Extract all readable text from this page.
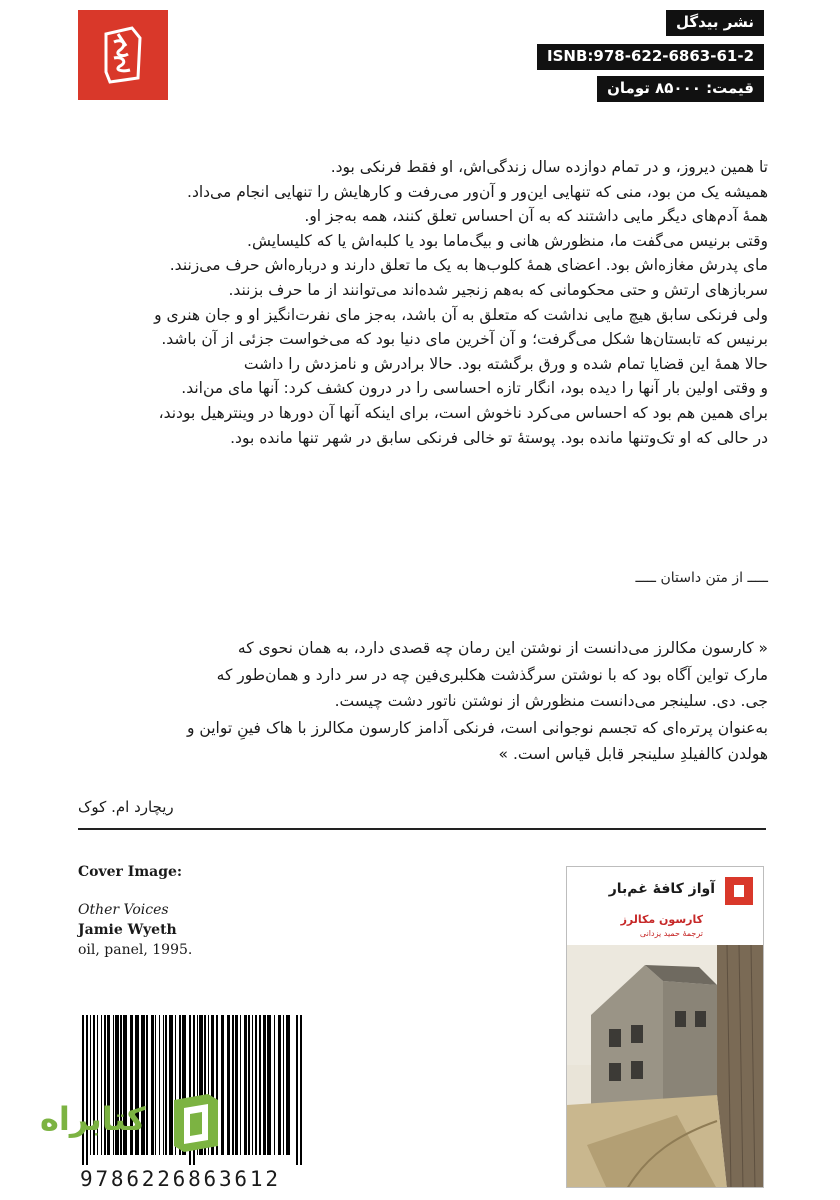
نشر بیدگل
ISNB:978-622-6863-61-2
قیمت: ۸۵۰۰۰ تومان

تا همین دیروز، و در تمام دوازده سال زندگی‌اش، او فقط فرنکی بود.

همیشه یک من بود، منی که تنهایی این‌ور و آن‌ور می‌رفت و کارهایش را تنهایی انجام می‌داد.

همهٔ آدم‌های دیگر مایی داشتند که به آن احساس تعلق کنند، همه به‌جز او.

وقتی برنیس می‌گفت ما، منظورش هانی و بیگ‌ماما بود یا کلبه‌اش یا که کلیسایش.

مای پدرش مغازه‌اش بود. اعضای همهٔ کلوب‌ها به یک ما تعلق دارند و درباره‌اش حرف می‌زنند.

سربازهای ارتش و حتی محکومانی که به‌هم زنجیر شده‌اند می‌توانند از ما حرف بزنند.

ولی فرنکی سابق هیچ مایی نداشت که متعلق به آن باشد، به‌جز مای نفرت‌انگیز او و جان هنری و

برنیس که تابستان‌ها شکل می‌گرفت؛ و آن آخرین مای دنیا بود که می‌خواست جزئی از آن باشد.

حالا همهٔ این قضایا تمام شده و ورق برگشته بود. حالا برادرش و نامزدش را داشت

و وقتی اولین بار آنها را دیده بود، انگار تازه احساسی را در درون کشف کرد: آنها مای من‌اند.

برای همین هم بود که احساس می‌کرد ناخوش است، برای اینکه آنها آن دورها در وینترهیل بودند،

در حالی که او تک‌وتنها مانده بود. پوستهٔ تو خالی فرنکی سابق در شهر تنها مانده بود.

ـــــ از متن داستان ـــــ

« کارسون مکالرز می‌دانست از نوشتن این رمان چه قصدی دارد، به همان نحوی که

مارک تواین آگاه بود که با نوشتن سرگذشت هکلبری‌فین چه در سر دارد و همان‌طور که

جی. دی. سلینجر می‌دانست منظورش از نوشتن ناتور دشت چیست.

به‌عنوان پرتره‌ای که تجسم نوجوانی است، فرنکی آدامز کارسون مکالرز با هاک فینِ تواین و

هولدن کالفیلدِ سلینجر قابل قیاس است. »

ریچارد ام. کوک
Cover Image:
Other Voices
Jamie Wyeth
oil, panel, 1995.
9786226863612
کتابراه
آواز کافهٔ غم‌بار
کارسون مکالرز
ترجمهٔ حمید یزدانی
